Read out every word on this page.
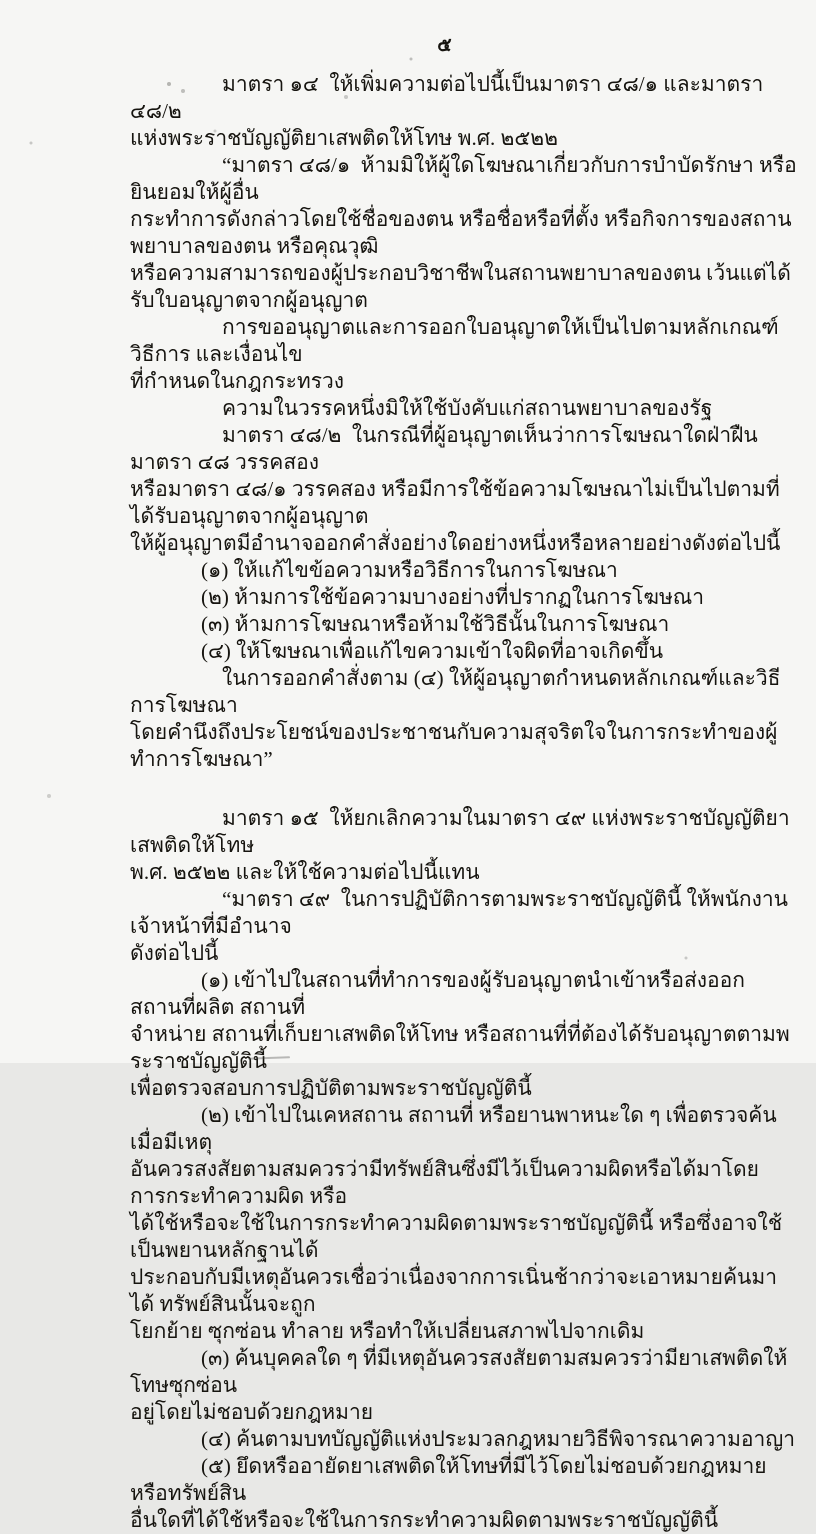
๕
มาตรา ๑๔  ให้เพิ่มความต่อไปนี้เป็นมาตรา ๔๘/๑ และมาตรา ๔๘/๒
แห่งพระราชบัญญัติยาเสพติดให้โทษ พ.ศ. ๒๕๒๒
“มาตรา ๔๘/๑  ห้ามมิให้ผู้ใดโฆษณาเกี่ยวกับการบำบัดรักษา หรือยินยอมให้ผู้อื่น
กระทำการดังกล่าวโดยใช้ชื่อของตน หรือชื่อหรือที่ตั้ง หรือกิจการของสถานพยาบาลของตน หรือคุณวุฒิ
หรือความสามารถของผู้ประกอบวิชาชีพในสถานพยาบาลของตน เว้นแต่ได้รับใบอนุญาตจากผู้อนุญาต
การขออนุญาตและการออกใบอนุญาตให้เป็นไปตามหลักเกณฑ์ วิธีการ และเงื่อนไข
ที่กำหนดในกฎกระทรวง
ความในวรรคหนึ่งมิให้ใช้บังคับแก่สถานพยาบาลของรัฐ
มาตรา ๔๘/๒  ในกรณีที่ผู้อนุญาตเห็นว่าการโฆษณาใดฝ่าฝืนมาตรา ๔๘ วรรคสอง
หรือมาตรา ๔๘/๑ วรรคสอง หรือมีการใช้ข้อความโฆษณาไม่เป็นไปตามที่ได้รับอนุญาตจากผู้อนุญาต
ให้ผู้อนุญาตมีอำนาจออกคำสั่งอย่างใดอย่างหนึ่งหรือหลายอย่างดังต่อไปนี้
(๑) ให้แก้ไขข้อความหรือวิธีการในการโฆษณา
(๒) ห้ามการใช้ข้อความบางอย่างที่ปรากฏในการโฆษณา
(๓) ห้ามการโฆษณาหรือห้ามใช้วิธีนั้นในการโฆษณา
(๔) ให้โฆษณาเพื่อแก้ไขความเข้าใจผิดที่อาจเกิดขึ้น
ในการออกคำสั่งตาม (๔) ให้ผู้อนุญาตกำหนดหลักเกณฑ์และวิธีการโฆษณา
โดยคำนึงถึงประโยชน์ของประชาชนกับความสุจริตใจในการกระทำของผู้ทำการโฆษณา”
มาตรา ๑๕  ให้ยกเลิกความในมาตรา ๔๙ แห่งพระราชบัญญัติยาเสพติดให้โทษ
พ.ศ. ๒๕๒๒ และให้ใช้ความต่อไปนี้แทน
“มาตรา ๔๙  ในการปฏิบัติการตามพระราชบัญญัตินี้ ให้พนักงานเจ้าหน้าที่มีอำนาจ
ดังต่อไปนี้
(๑) เข้าไปในสถานที่ทำการของผู้รับอนุญาตนำเข้าหรือส่งออก สถานที่ผลิต สถานที่
จำหน่าย สถานที่เก็บยาเสพติดให้โทษ หรือสถานที่ที่ต้องได้รับอนุญาตตามพระราชบัญญัตินี้
เพื่อตรวจสอบการปฏิบัติตามพระราชบัญญัตินี้
(๒) เข้าไปในเคหสถาน สถานที่ หรือยานพาหนะใด ๆ เพื่อตรวจค้นเมื่อมีเหตุ
อันควรสงสัยตามสมควรว่ามีทรัพย์สินซึ่งมีไว้เป็นความผิดหรือได้มาโดยการกระทำความผิด หรือ
ได้ใช้หรือจะใช้ในการกระทำความผิดตามพระราชบัญญัตินี้ หรือซึ่งอาจใช้เป็นพยานหลักฐานได้
ประกอบกับมีเหตุอันควรเชื่อว่าเนื่องจากการเนิ่นช้ากว่าจะเอาหมายค้นมาได้ ทรัพย์สินนั้นจะถูก
โยกย้าย ซุกซ่อน ทำลาย หรือทำให้เปลี่ยนสภาพไปจากเดิม
(๓) ค้นบุคคลใด ๆ ที่มีเหตุอันควรสงสัยตามสมควรว่ามียาเสพติดให้โทษซุกซ่อน
อยู่โดยไม่ชอบด้วยกฎหมาย
(๔) ค้นตามบทบัญญัติแห่งประมวลกฎหมายวิธีพิจารณาความอาญา
(๕) ยึดหรืออายัดยาเสพติดให้โทษที่มีไว้โดยไม่ชอบด้วยกฎหมาย หรือทรัพย์สิน
อื่นใดที่ได้ใช้หรือจะใช้ในการกระทำความผิดตามพระราชบัญญัตินี้
